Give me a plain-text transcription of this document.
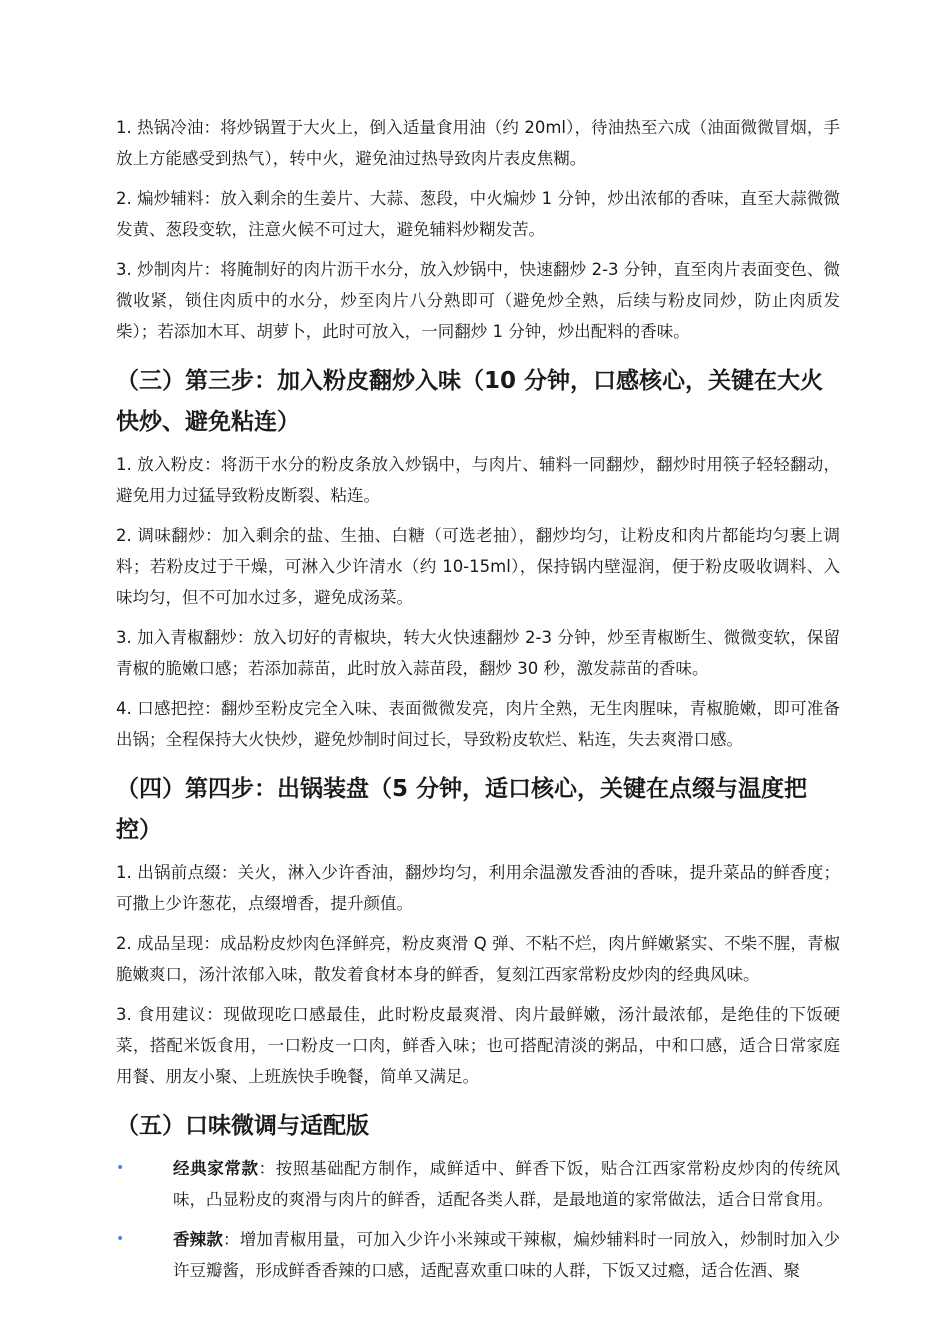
1. 热锅冷油：将炒锅置于大火上，倒入适量食用油（约 20ml），待油热至六成（油面微微冒烟，手放上方能感受到热气），转中火，避免油过热导致肉片表皮焦糊。

2. 煸炒辅料：放入剩余的生姜片、大蒜、葱段，中火煸炒 1 分钟，炒出浓郁的香味，直至大蒜微微发黄、葱段变软，注意火候不可过大，避免辅料炒糊发苦。

3. 炒制肉片：将腌制好的肉片沥干水分，放入炒锅中，快速翻炒 2-3 分钟，直至肉片表面变色、微微收紧，锁住肉质中的水分，炒至肉片八分熟即可（避免炒全熟，后续与粉皮同炒，防止肉质发柴）；若添加木耳、胡萝卜，此时可放入，一同翻炒 1 分钟，炒出配料的香味。

（三）第三步：加入粉皮翻炒入味（10 分钟，口感核心，关键在大火快炒、避免粘连）

1. 放入粉皮：将沥干水分的粉皮条放入炒锅中，与肉片、辅料一同翻炒，翻炒时用筷子轻轻翻动，避免用力过猛导致粉皮断裂、粘连。

2. 调味翻炒：加入剩余的盐、生抽、白糖（可选老抽），翻炒均匀，让粉皮和肉片都能均匀裹上调料；若粉皮过于干燥，可淋入少许清水（约 10-15ml），保持锅内壁湿润，便于粉皮吸收调料、入味均匀，但不可加水过多，避免成汤菜。

3. 加入青椒翻炒：放入切好的青椒块，转大火快速翻炒 2-3 分钟，炒至青椒断生、微微变软，保留青椒的脆嫩口感；若添加蒜苗，此时放入蒜苗段，翻炒 30 秒，激发蒜苗的香味。

4. 口感把控：翻炒至粉皮完全入味、表面微微发亮，肉片全熟，无生肉腥味，青椒脆嫩，即可准备出锅；全程保持大火快炒，避免炒制时间过长，导致粉皮软烂、粘连，失去爽滑口感。

（四）第四步：出锅装盘（5 分钟，适口核心，关键在点缀与温度把控）

1. 出锅前点缀：关火，淋入少许香油，翻炒均匀，利用余温激发香油的香味，提升菜品的鲜香度；可撒上少许葱花，点缀增香，提升颜值。

2. 成品呈现：成品粉皮炒肉色泽鲜亮，粉皮爽滑 Q 弹、不粘不烂，肉片鲜嫩紧实、不柴不腥，青椒脆嫩爽口，汤汁浓郁入味，散发着食材本身的鲜香，复刻江西家常粉皮炒肉的经典风味。

3. 食用建议：现做现吃口感最佳，此时粉皮最爽滑、肉片最鲜嫩，汤汁最浓郁，是绝佳的下饭硬菜，搭配米饭食用，一口粉皮一口肉，鲜香入味；也可搭配清淡的粥品，中和口感，适合日常家庭用餐、朋友小聚、上班族快手晚餐，简单又满足。

（五）口味微调与适配版
•	经典家常款：按照基础配方制作，咸鲜适中、鲜香下饭，贴合江西家常粉皮炒肉的传统风味，凸显粉皮的爽滑与肉片的鲜香，适配各类人群，是最地道的家常做法，适合日常食用。
•	香辣款：增加青椒用量，可加入少许小米辣或干辣椒，煸炒辅料时一同放入，炒制时加入少许豆瓣酱，形成鲜香香辣的口感，适配喜欢重口味的人群，下饭又过瘾，适合佐酒、聚
